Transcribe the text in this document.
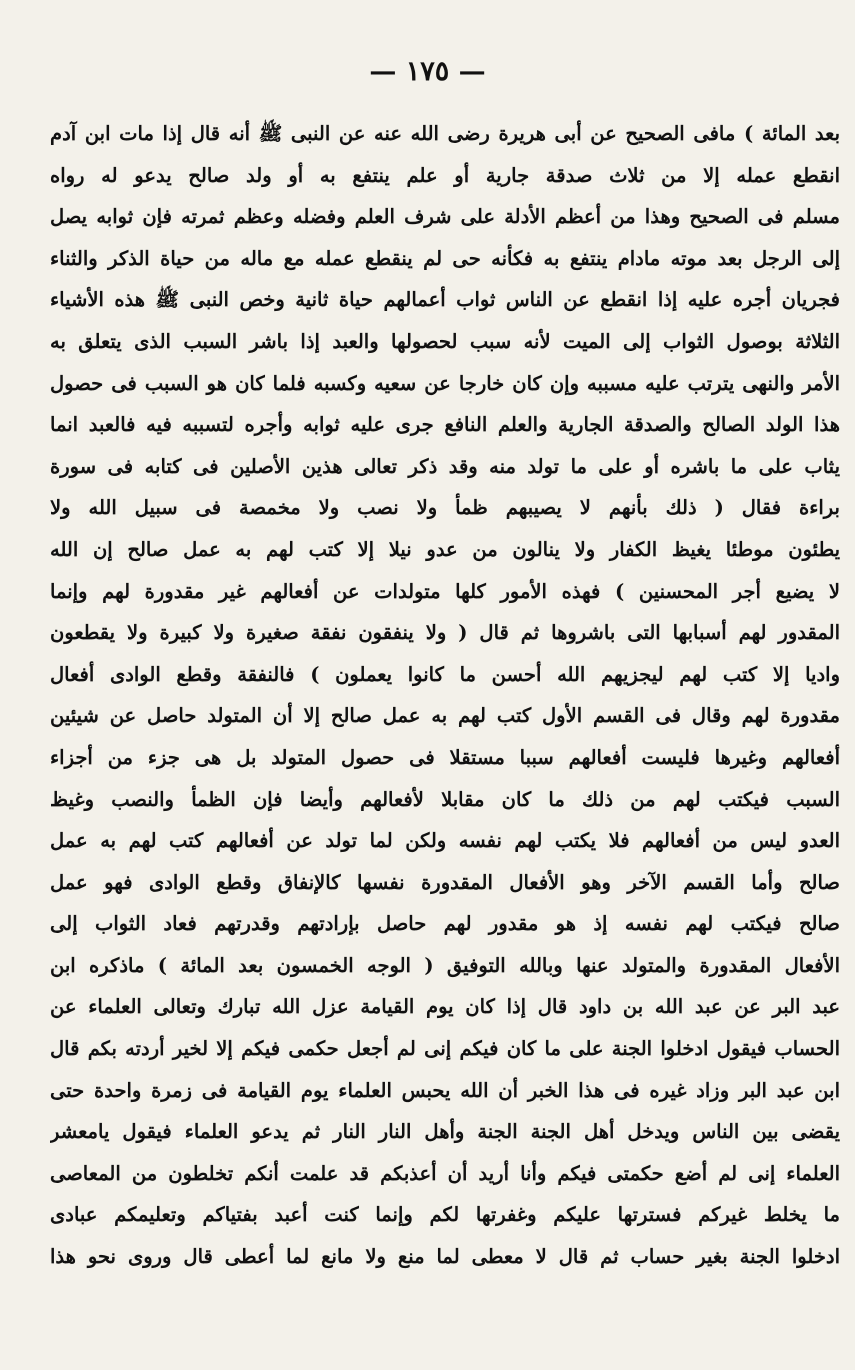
— ١٧٥ —
بعد المائة ) مافى الصحيح عن أبى هريرة رضى الله عنه عن النبى ﷺ أنه قال إذا مات ابن آدم
انقطع عمله إلا من ثلاث صدقة جارية أو علم ينتفع به أو ولد صالح يدعو له رواه
مسلم فى الصحيح وهذا من أعظم الأدلة على شرف العلم وفضله وعظم ثمرته فإن ثوابه يصل
إلى الرجل بعد موته مادام ينتفع به فكأنه حى لم ينقطع عمله مع ماله من حياة الذكر والثناء
فجريان أجره عليه إذا انقطع عن الناس ثواب أعمالهم حياة ثانية وخص النبى ﷺ هذه الأشياء
الثلاثة بوصول الثواب إلى الميت لأنه سبب لحصولها والعبد إذا باشر السبب الذى يتعلق به
الأمر والنهى يترتب عليه مسببه وإن كان خارجا عن سعيه وكسبه فلما كان هو السبب فى حصول
هذا الولد الصالح والصدقة الجارية والعلم النافع جرى عليه ثوابه وأجره لتسببه فيه فالعبد انما
يثاب على ما باشره أو على ما تولد منه وقد ذكر تعالى هذين الأصلين فى كتابه فى سورة
براءة فقال ( ذلك بأنهم لا يصيبهم ظمأ ولا نصب ولا مخمصة فى سبيل الله ولا
يطئون موطئا يغيظ الكفار ولا ينالون من عدو نيلا إلا كتب لهم به عمل صالح إن الله
لا يضيع أجر المحسنين ) فهذه الأمور كلها متولدات عن أفعالهم غير مقدورة لهم وإنما
المقدور لهم أسبابها التى باشروها ثم قال ( ولا ينفقون نفقة صغيرة ولا كبيرة ولا يقطعون
واديا إلا كتب لهم ليجزيهم الله أحسن ما كانوا يعملون ) فالنفقة وقطع الوادى أفعال
مقدورة لهم وقال فى القسم الأول كتب لهم به عمل صالح إلا أن المتولد حاصل عن شيئين
أفعالهم وغيرها فليست أفعالهم سببا مستقلا فى حصول المتولد بل هى جزء من أجزاء
السبب فيكتب لهم من ذلك ما كان مقابلا لأفعالهم وأيضا فإن الظمأ والنصب وغيظ
العدو ليس من أفعالهم فلا يكتب لهم نفسه ولكن لما تولد عن أفعالهم كتب لهم به عمل
صالح وأما القسم الآخر وهو الأفعال المقدورة نفسها كالإنفاق وقطع الوادى فهو عمل
صالح فيكتب لهم نفسه إذ هو مقدور لهم حاصل بإرادتهم وقدرتهم فعاد الثواب إلى
الأفعال المقدورة والمتولد عنها وبالله التوفيق ( الوجه الخمسون بعد المائة ) ماذكره ابن
عبد البر عن عبد الله بن داود قال إذا كان يوم القيامة عزل الله تبارك وتعالى العلماء عن
الحساب فيقول ادخلوا الجنة على ما كان فيكم إنى لم أجعل حكمى فيكم إلا لخير أردته بكم قال
ابن عبد البر وزاد غيره فى هذا الخبر أن الله يحبس العلماء يوم القيامة فى زمرة واحدة حتى
يقضى بين الناس ويدخل أهل الجنة الجنة وأهل النار النار ثم يدعو العلماء فيقول يامعشر
العلماء إنى لم أضع حكمتى فيكم وأنا أريد أن أعذبكم قد علمت أنكم تخلطون من المعاصى
ما يخلط غيركم فسترتها عليكم وغفرتها لكم وإنما كنت أعبد بفتياكم وتعليمكم عبادى
ادخلوا الجنة بغير حساب ثم قال لا معطى لما منع ولا مانع لما أعطى قال وروى نحو هذا
